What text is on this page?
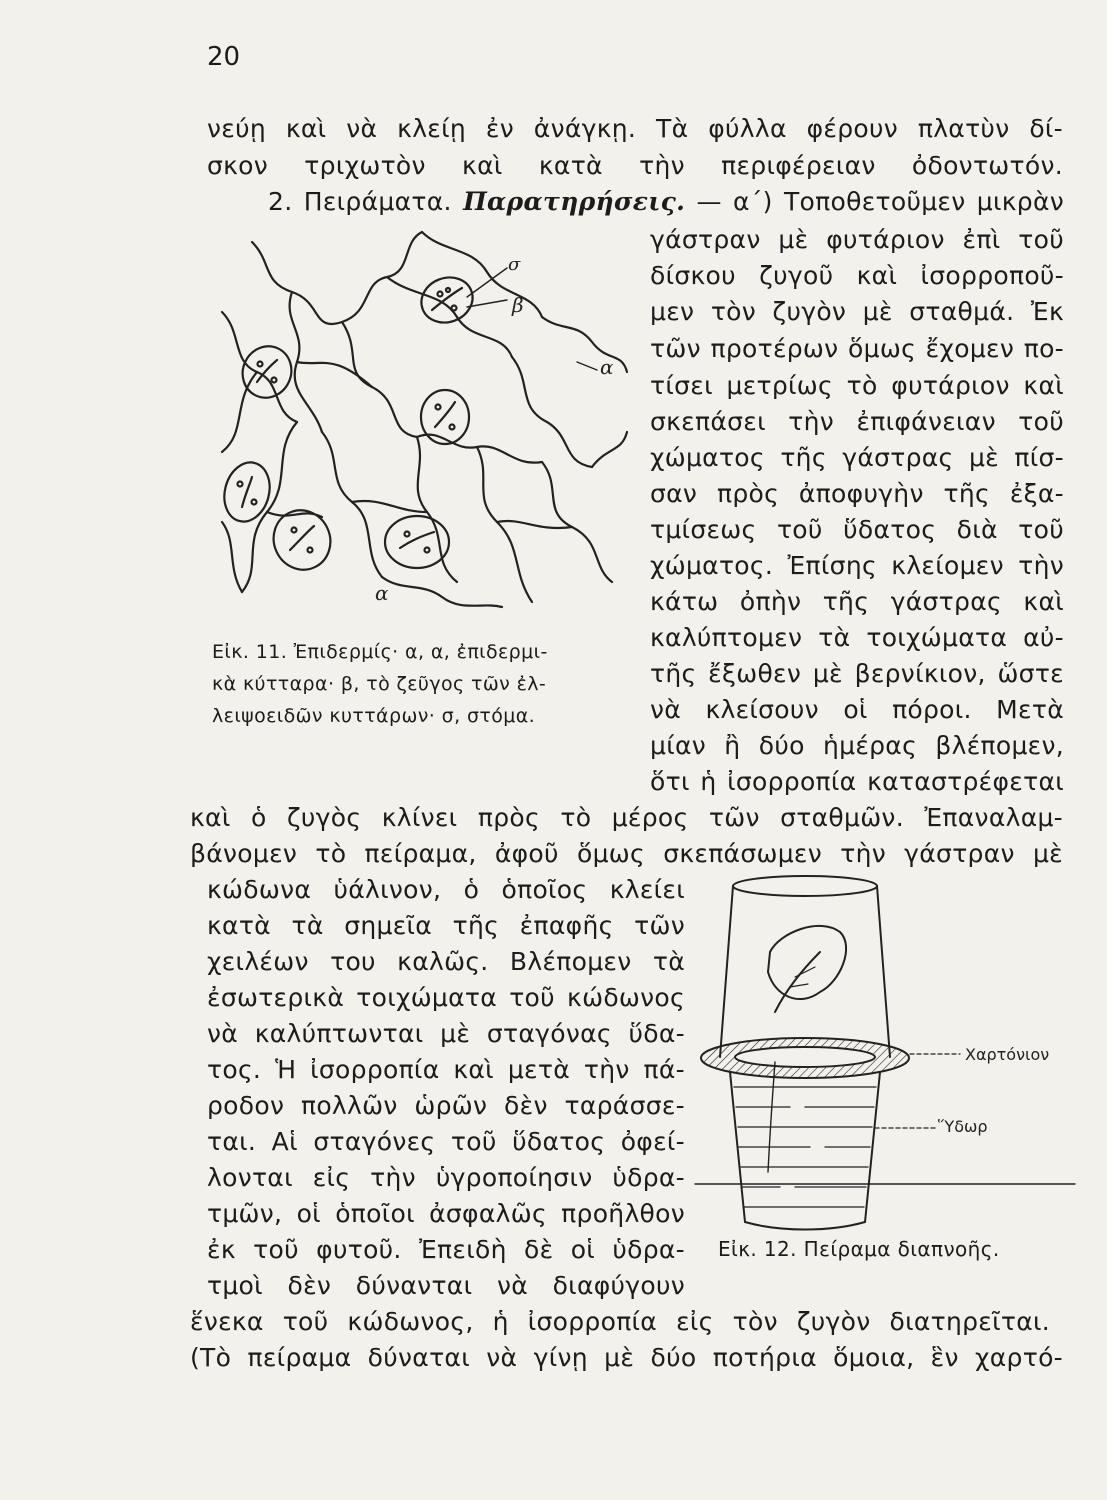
20
νεύῃ καὶ νὰ κλείῃ ἐν ἀνάγκῃ. Τὰ φύλλα φέρουν πλατὺν δί-
σκον τριχωτὸν καὶ κατὰ τὴν περιφέρειαν ὀδοντωτόν.
2. Πειράματα. Παρατηρήσεις. — α΄) Τοποθετοῦμεν μικρὰν
γάστραν μὲ φυτάριον ἐπὶ τοῦ
δίσκου ζυγοῦ καὶ ἰσορροποῦ-
μεν τὸν ζυγὸν μὲ σταθμά. Ἐκ
τῶν προτέρων ὅμως ἔχομεν πο-
τίσει μετρίως τὸ φυτάριον καὶ
σκεπάσει τὴν ἐπιφάνειαν τοῦ
χώματος τῆς γάστρας μὲ πίσ-
σαν πρὸς ἀποφυγὴν τῆς ἐξα-
τμίσεως τοῦ ὕδατος διὰ τοῦ
χώματος. Ἐπίσης κλείομεν τὴν
κάτω ὀπὴν τῆς γάστρας καὶ
καλύπτομεν τὰ τοιχώματα αὐ-
τῆς ἔξωθεν μὲ βερνίκιον, ὥστε
νὰ κλείσουν οἱ πόροι. Μετὰ
μίαν ἢ δύο ἡμέρας βλέπομεν,
ὅτι ἡ ἰσορροπία καταστρέφεται
σ
β
α
α
Εἰκ. 11. Ἐπιδερμίς· α, α, ἐπιδερμι-
κὰ κύτταρα· β, τὸ ζεῦγος τῶν ἐλ-
λειψοειδῶν κυττάρων· σ, στόμα.
καὶ ὁ ζυγὸς κλίνει πρὸς τὸ μέρος τῶν σταθμῶν. Ἐπαναλαμ-
βάνομεν τὸ πείραμα, ἀφοῦ ὅμως σκεπάσωμεν τὴν γάστραν μὲ
κώδωνα ὑάλινον, ὁ ὁποῖος κλείει
κατὰ τὰ σημεῖα τῆς ἐπαφῆς τῶν
χειλέων του καλῶς. Βλέπομεν τὰ
ἐσωτερικὰ τοιχώματα τοῦ κώδωνος
νὰ καλύπτωνται μὲ σταγόνας ὕδα-
τος. Ἡ ἰσορροπία καὶ μετὰ τὴν πά-
ροδον πολλῶν ὡρῶν δὲν ταράσσε-
ται. Αἱ σταγόνες τοῦ ὕδατος ὀφεί-
λονται εἰς τὴν ὑγροποίησιν ὑδρα-
τμῶν, οἱ ὁποῖοι ἀσφαλῶς προῆλθον
ἐκ τοῦ φυτοῦ. Ἐπειδὴ δὲ οἱ ὑδρα-
τμοὶ δὲν δύνανται νὰ διαφύγουν
Χαρτόνιον
Ὕδωρ
Εἰκ. 12. Πείραμα διαπνοῆς.
ἕνεκα τοῦ κώδωνος, ἡ ἰσορροπία εἰς τὸν ζυγὸν διατηρεῖται.
(Τὸ πείραμα δύναται νὰ γίνῃ μὲ δύο ποτήρια ὅμοια, ἓν χαρτό-
